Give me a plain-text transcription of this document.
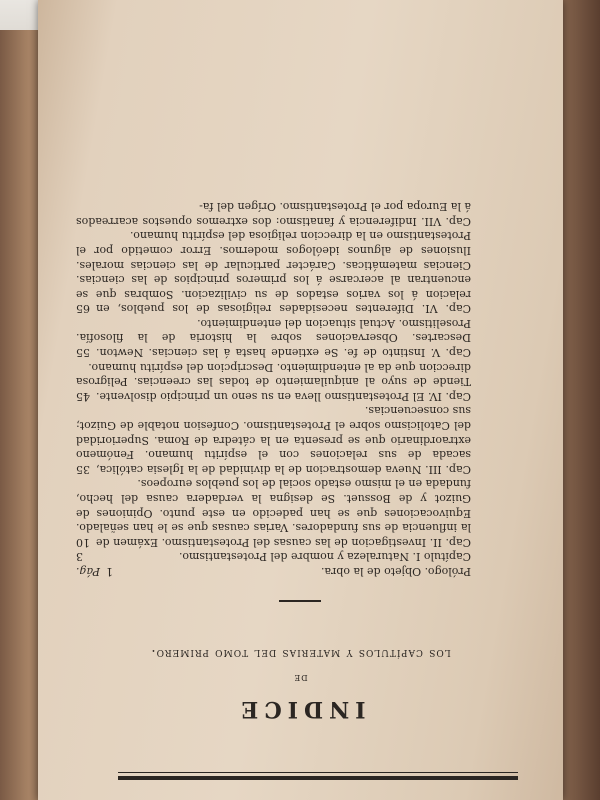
INDICE
DE
los capítulos y materias del tomo primero.

Pág. 1	Prólogo. Objeto de la obra.

3	Capítulo I. Naturaleza y nombre del Protestantismo.

10 Cap. II. Investigacion de las causas del Protestantismo. Exámen de la influencia de sus fundadores. Varias causas que se le han señalado. Equivocaciones que se han padecido en este punto. Opiniones de Guizot y de Bossuet. Se designa la verdadera causa del hecho, fundada en el mismo estado social de los pueblos europeos.

35 Cap. III. Nueva demostracion de la divinidad de la Iglesia católica, sacada de sus relaciones con el espíritu humano. Fenómeno extraordinario que se presenta en la cátedra de Roma. Superioridad del Catolicismo sobre el Protestantismo. Confesion notable de Guizot; sus consecuencias.

45 Cap. IV. El Protestantismo lleva en su seno un principio disolvente. Tiende de suyo al aniquilamiento de todas las creencias. Peligrosa direccion que da al entendimiento. Descripcion del espíritu humano.

55 Cap. V. Instinto de fe. Se extiende hasta á las ciencias. Newton. Descartes. Observaciones sobre la historia de la filosofía. Proselitismo. Actual situacion del entendimiento.

65 Cap. VI. Diferentes necesidades religiosas de los pueblos, en relacion á los varios estados de su civilizacion. Sombras que se encuentran al acercarse á los primeros principios de las ciencias. Ciencias matemáticas. Carácter particular de las ciencias morales. Ilusiones de algunos ideólogos modernos. Error cometido por el Protestantismo en la direccion religiosa del espíritu humano.

Cap. VII. Indiferencia y fanatismo: dos extremos opuestos acarreados á la Europa por el Protestantismo. Orígen del fa-
